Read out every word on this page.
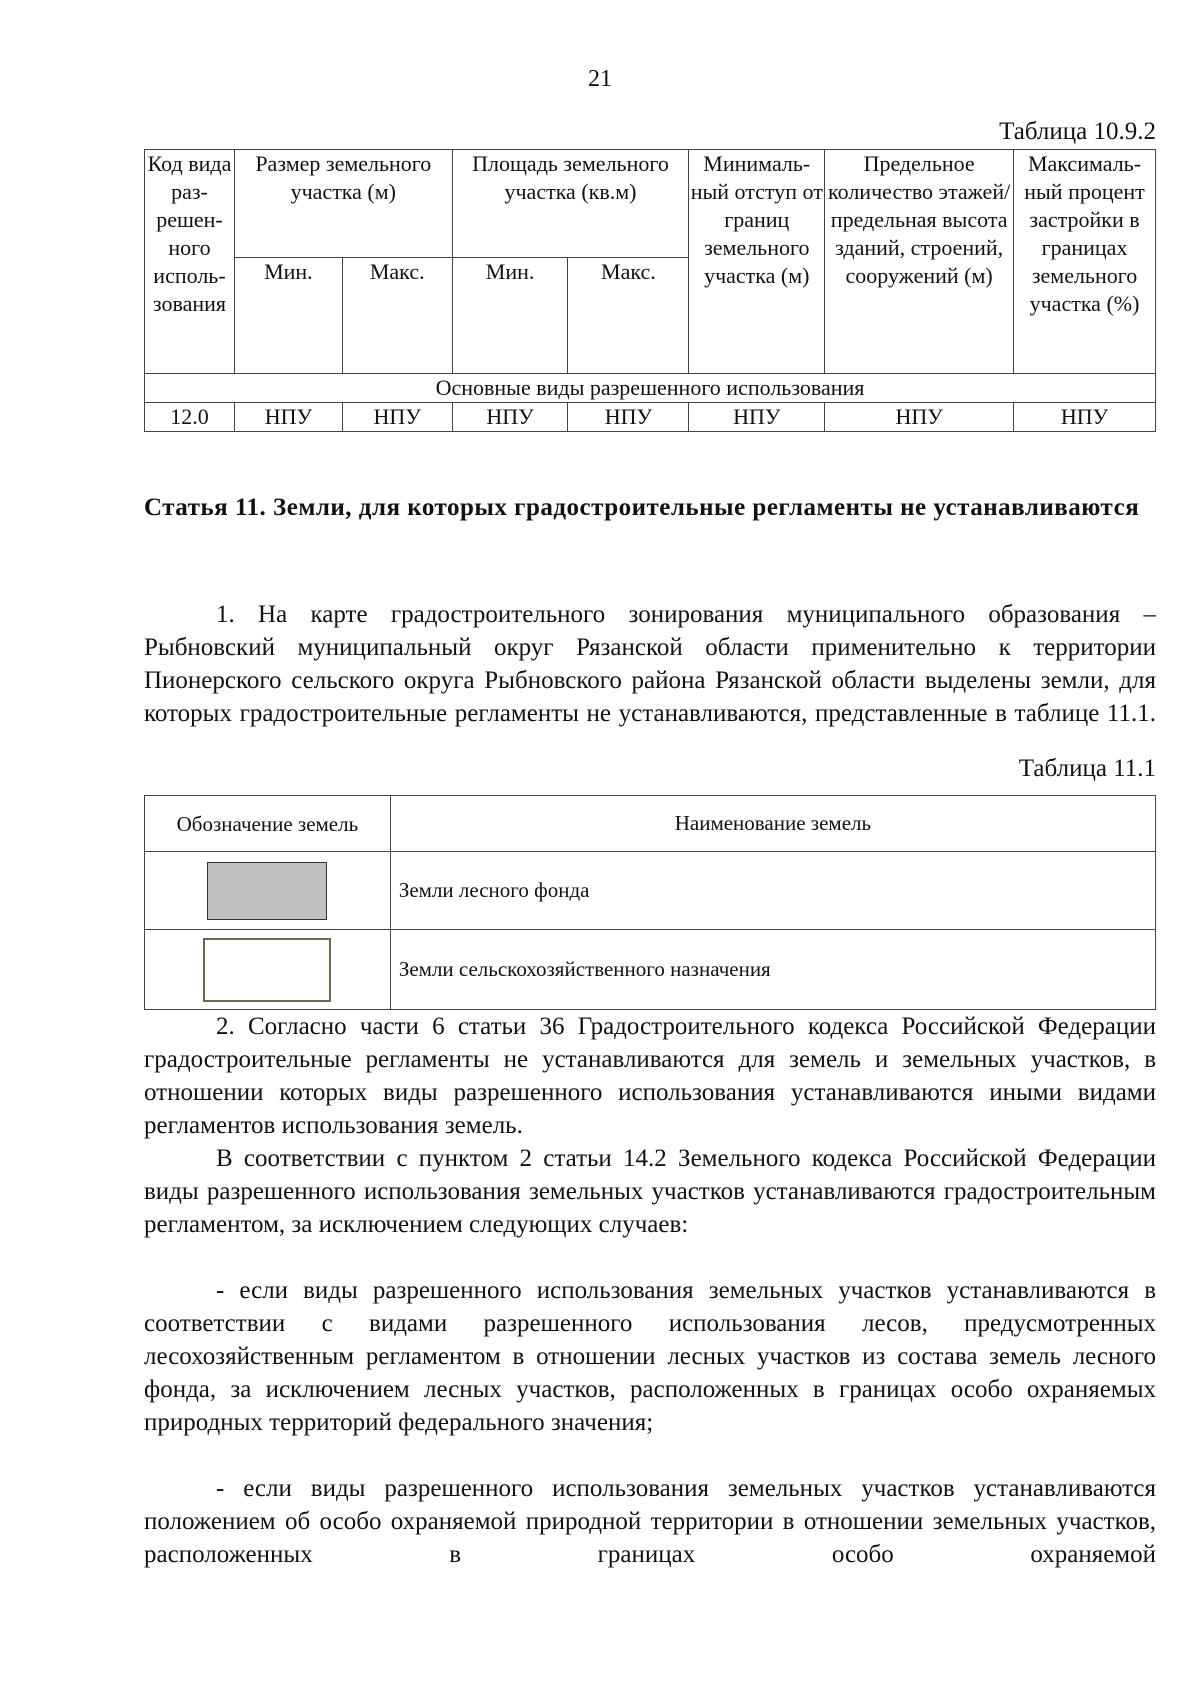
21
Таблица 10.9.2
Код вида раз- решен- ного исполь- зования	Размер земельного участка (м)		Площадь земельного участка (кв.м)		Минималь- ный отступ от границ земельного участка (м)	Предельное количество этажей/ предельная высота зданий, строений, сооружений (м)	Максималь- ный процент застройки в границах земельного участка (%)
	Мин.	Макс.	Мин.	Макс.			
Основные виды разрешенного использования							
12.0	НПУ	НПУ	НПУ	НПУ	НПУ	НПУ	НПУ
Статья 11. Земли, для которых градостроительные регламенты не устанавливаются
1. На карте градостроительного зонирования муниципального образования – Рыбновский муниципальный округ Рязанской области применительно к территории Пионерского сельского округа Рыбновского района Рязанской области выделены земли, для которых градостроительные регламенты не устанавливаются, представленные в таблице 11.1.
Таблица 11.1
Обозначение земель	Наименование земель

	Земли лесного фонда

	Земли сельскохозяйственного назначения
2. Согласно части 6 статьи 36 Градостроительного кодекса Российской Федерации градостроительные регламенты не устанавливаются для земель и земельных участков, в отношении которых виды разрешенного использования устанавливаются иными видами регламентов использования земель.
В соответствии с пунктом 2 статьи 14.2 Земельного кодекса Российской Федерации виды разрешенного использования земельных участков устанавливаются градостроительным регламентом, за исключением следующих случаев:
- если виды разрешенного использования земельных участков устанавливаются в соответствии с видами разрешенного использования лесов, предусмотренных лесохозяйственным регламентом в отношении лесных участков из состава земель лесного фонда, за исключением лесных участков, расположенных в границах особо охраняемых природных территорий федерального значения;
- если виды разрешенного использования земельных участков устанавливаются положением об особо охраняемой природной территории в отношении земельных участков, расположенных в границах особо охраняемой
